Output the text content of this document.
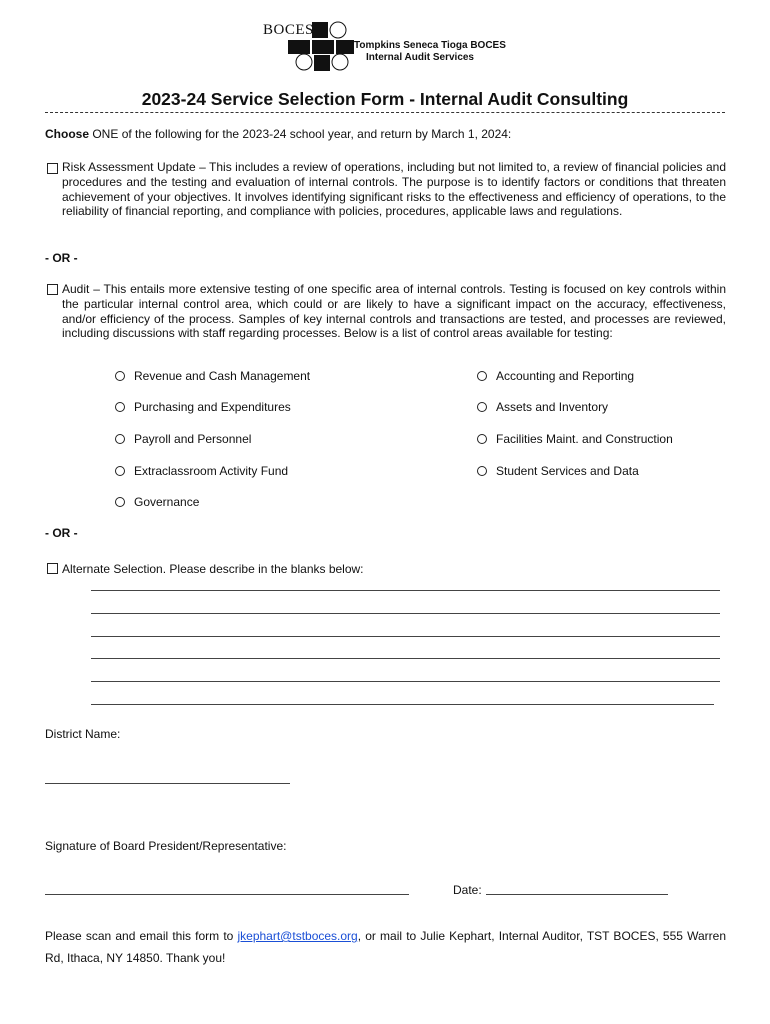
BOCES
Tompkins Seneca Tioga BOCES
Internal Audit Services
2023-24 Service Selection Form - Internal Audit Consulting
Choose ONE of the following for the 2023-24 school year, and return by March 1, 2024:
Risk Assessment Update – This includes a review of operations, including but not limited to, a review of financial policies and procedures and the testing and evaluation of internal controls. The purpose is to identify factors or conditions that threaten achievement of your objectives. It involves identifying significant risks to the effectiveness and efficiency of operations, to the reliability of financial reporting, and compliance with policies, procedures, applicable laws and regulations.
- OR -
Audit – This entails more extensive testing of one specific area of internal controls. Testing is focused on key controls within the particular internal control area, which could or are likely to have a significant impact on the accuracy, effectiveness, and/or efficiency of the process. Samples of key internal controls and transactions are tested, and processes are reviewed, including discussions with staff regarding processes. Below is a list of control areas available for testing:
Revenue and Cash Management
Purchasing and Expenditures
Payroll and Personnel
Extraclassroom Activity Fund
Governance
Accounting and Reporting
Assets and Inventory
Facilities Maint. and Construction
Student Services and Data
- OR -
Alternate Selection. Please describe in the blanks below:
District Name:
Signature of Board President/Representative:
Date:
Please scan and email this form to jkephart@tstboces.org, or mail to Julie Kephart, Internal Auditor, TST BOCES, 555 Warren Rd, Ithaca, NY 14850. Thank you!
